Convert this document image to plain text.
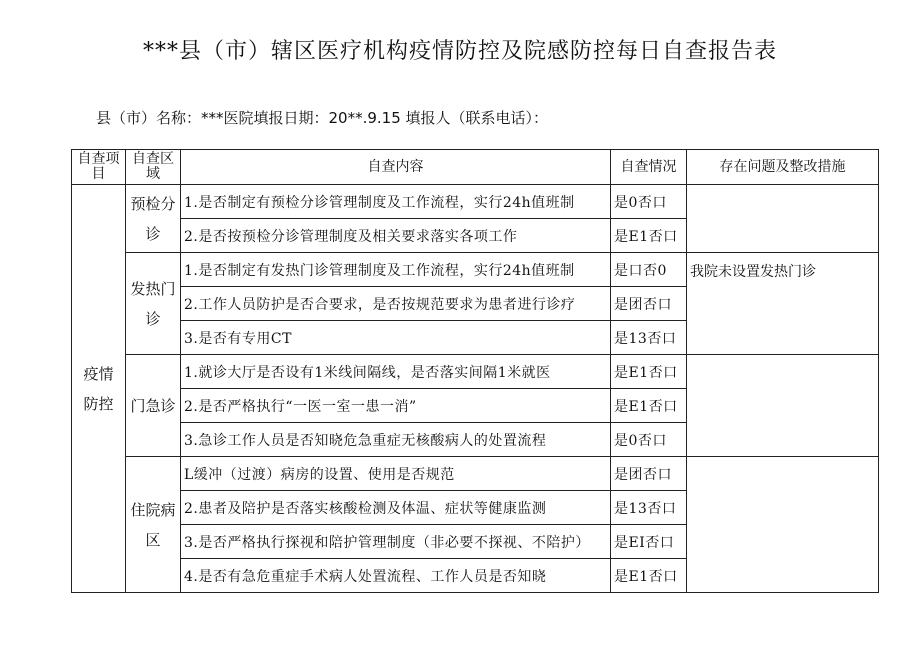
***县（市）辖区医疗机构疫情防控及院感防控每日自查报告表
县（市）名称：***医院填报日期：20**.9.15 填报人（联系电话）：
自查项目	自查区域	自查内容	自查情况	存在问题及整改措施

疫情防控	预检分诊	1.是否制定有预检分诊管理制度及工作流程，实行24h值班制	是0否口	
		2.是否按预检分诊管理制度及相关要求落实各项工作	是E1否口	

	发热门诊	1.是否制定有发热门诊管理制度及工作流程，实行24h值班制	是口否0	我院未设置发热门诊
		2.工作人员防护是否合要求，是否按规范要求为患者进行诊疗	是团否口	
		3.是否有专用CT	是13否口	
	门急诊	1.就诊大厅是否设有1米线间隔线，是否落实间隔1米就医	是E1否口	
		2.是否严格执行“一医一室一患一消”	是E1否口	
		3.急诊工作人员是否知晓危急重症无核酸病人的处置流程	是0否口	

	住院病区	L缓冲（过渡）病房的设置、使用是否规范	是团否口	
		2.患者及陪护是否落实核酸检测及体温、症状等健康监测	是13否口	
		3.是否严格执行探视和陪护管理制度（非必要不探视、不陪护）	是EI否口	
		4.是否有急危重症手术病人处置流程、工作人员是否知晓	是E1否口	
